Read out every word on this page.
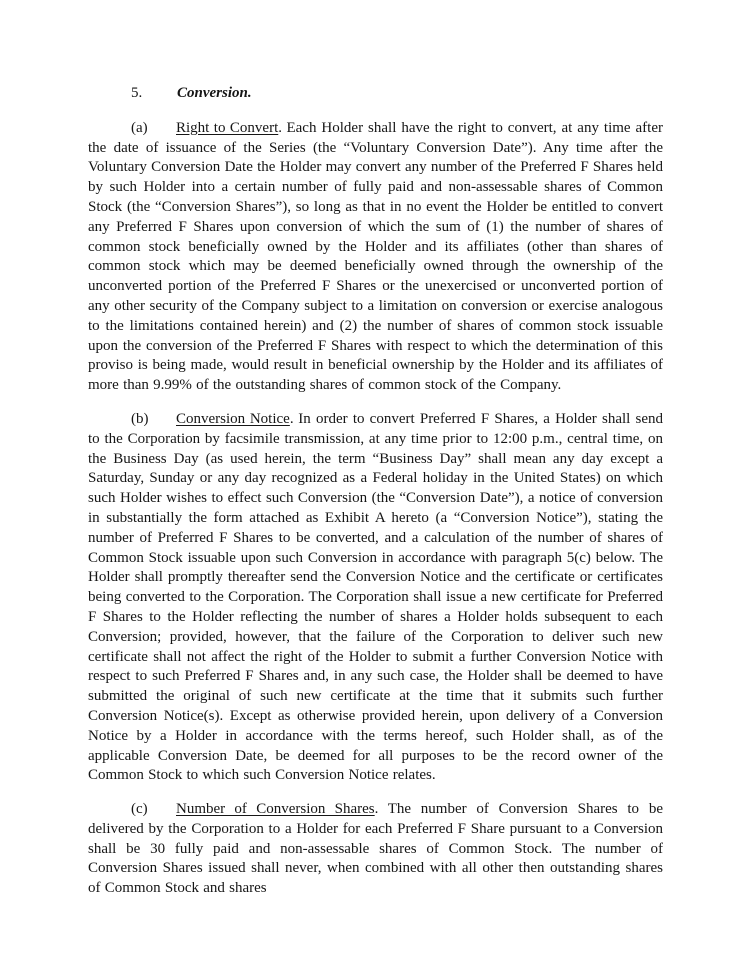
5. Conversion.

(a) Right to Convert. Each Holder shall have the right to convert, at any time after the date of issuance of the Series (the “Voluntary Conversion Date”). Any time after the Voluntary Conversion Date the Holder may convert any number of the Preferred F Shares held by such Holder into a certain number of fully paid and non-assessable shares of Common Stock (the “Conversion Shares”), so long as that in no event the Holder be entitled to convert any Preferred F Shares upon conversion of which the sum of (1) the number of shares of common stock beneficially owned by the Holder and its affiliates (other than shares of common stock which may be deemed beneficially owned through the ownership of the unconverted portion of the Preferred F Shares or the unexercised or unconverted portion of any other security of the Company subject to a limitation on conversion or exercise analogous to the limitations contained herein) and (2) the number of shares of common stock issuable upon the conversion of the Preferred F Shares with respect to which the determination of this proviso is being made, would result in beneficial ownership by the Holder and its affiliates of more than 9.99% of the outstanding shares of common stock of the Company.

(b) Conversion Notice. In order to convert Preferred F Shares, a Holder shall send to the Corporation by facsimile transmission, at any time prior to 12:00 p.m., central time, on the Business Day (as used herein, the term “Business Day” shall mean any day except a Saturday, Sunday or any day recognized as a Federal holiday in the United States) on which such Holder wishes to effect such Conversion (the “Conversion Date”), a notice of conversion in substantially the form attached as Exhibit A hereto (a “Conversion Notice”), stating the number of Preferred F Shares to be converted, and a calculation of the number of shares of Common Stock issuable upon such Conversion in accordance with paragraph 5(c) below. The Holder shall promptly thereafter send the Conversion Notice and the certificate or certificates being converted to the Corporation. The Corporation shall issue a new certificate for Preferred F Shares to the Holder reflecting the number of shares a Holder holds subsequent to each Conversion; provided, however, that the failure of the Corporation to deliver such new certificate shall not affect the right of the Holder to submit a further Conversion Notice with respect to such Preferred F Shares and, in any such case, the Holder shall be deemed to have submitted the original of such new certificate at the time that it submits such further Conversion Notice(s). Except as otherwise provided herein, upon delivery of a Conversion Notice by a Holder in accordance with the terms hereof, such Holder shall, as of the applicable Conversion Date, be deemed for all purposes to be the record owner of the Common Stock to which such Conversion Notice relates.

(c) Number of Conversion Shares. The number of Conversion Shares to be delivered by the Corporation to a Holder for each Preferred F Share pursuant to a Conversion shall be 30 fully paid and non-assessable shares of Common Stock. The number of Conversion Shares issued shall never, when combined with all other then outstanding shares of Common Stock and shares
